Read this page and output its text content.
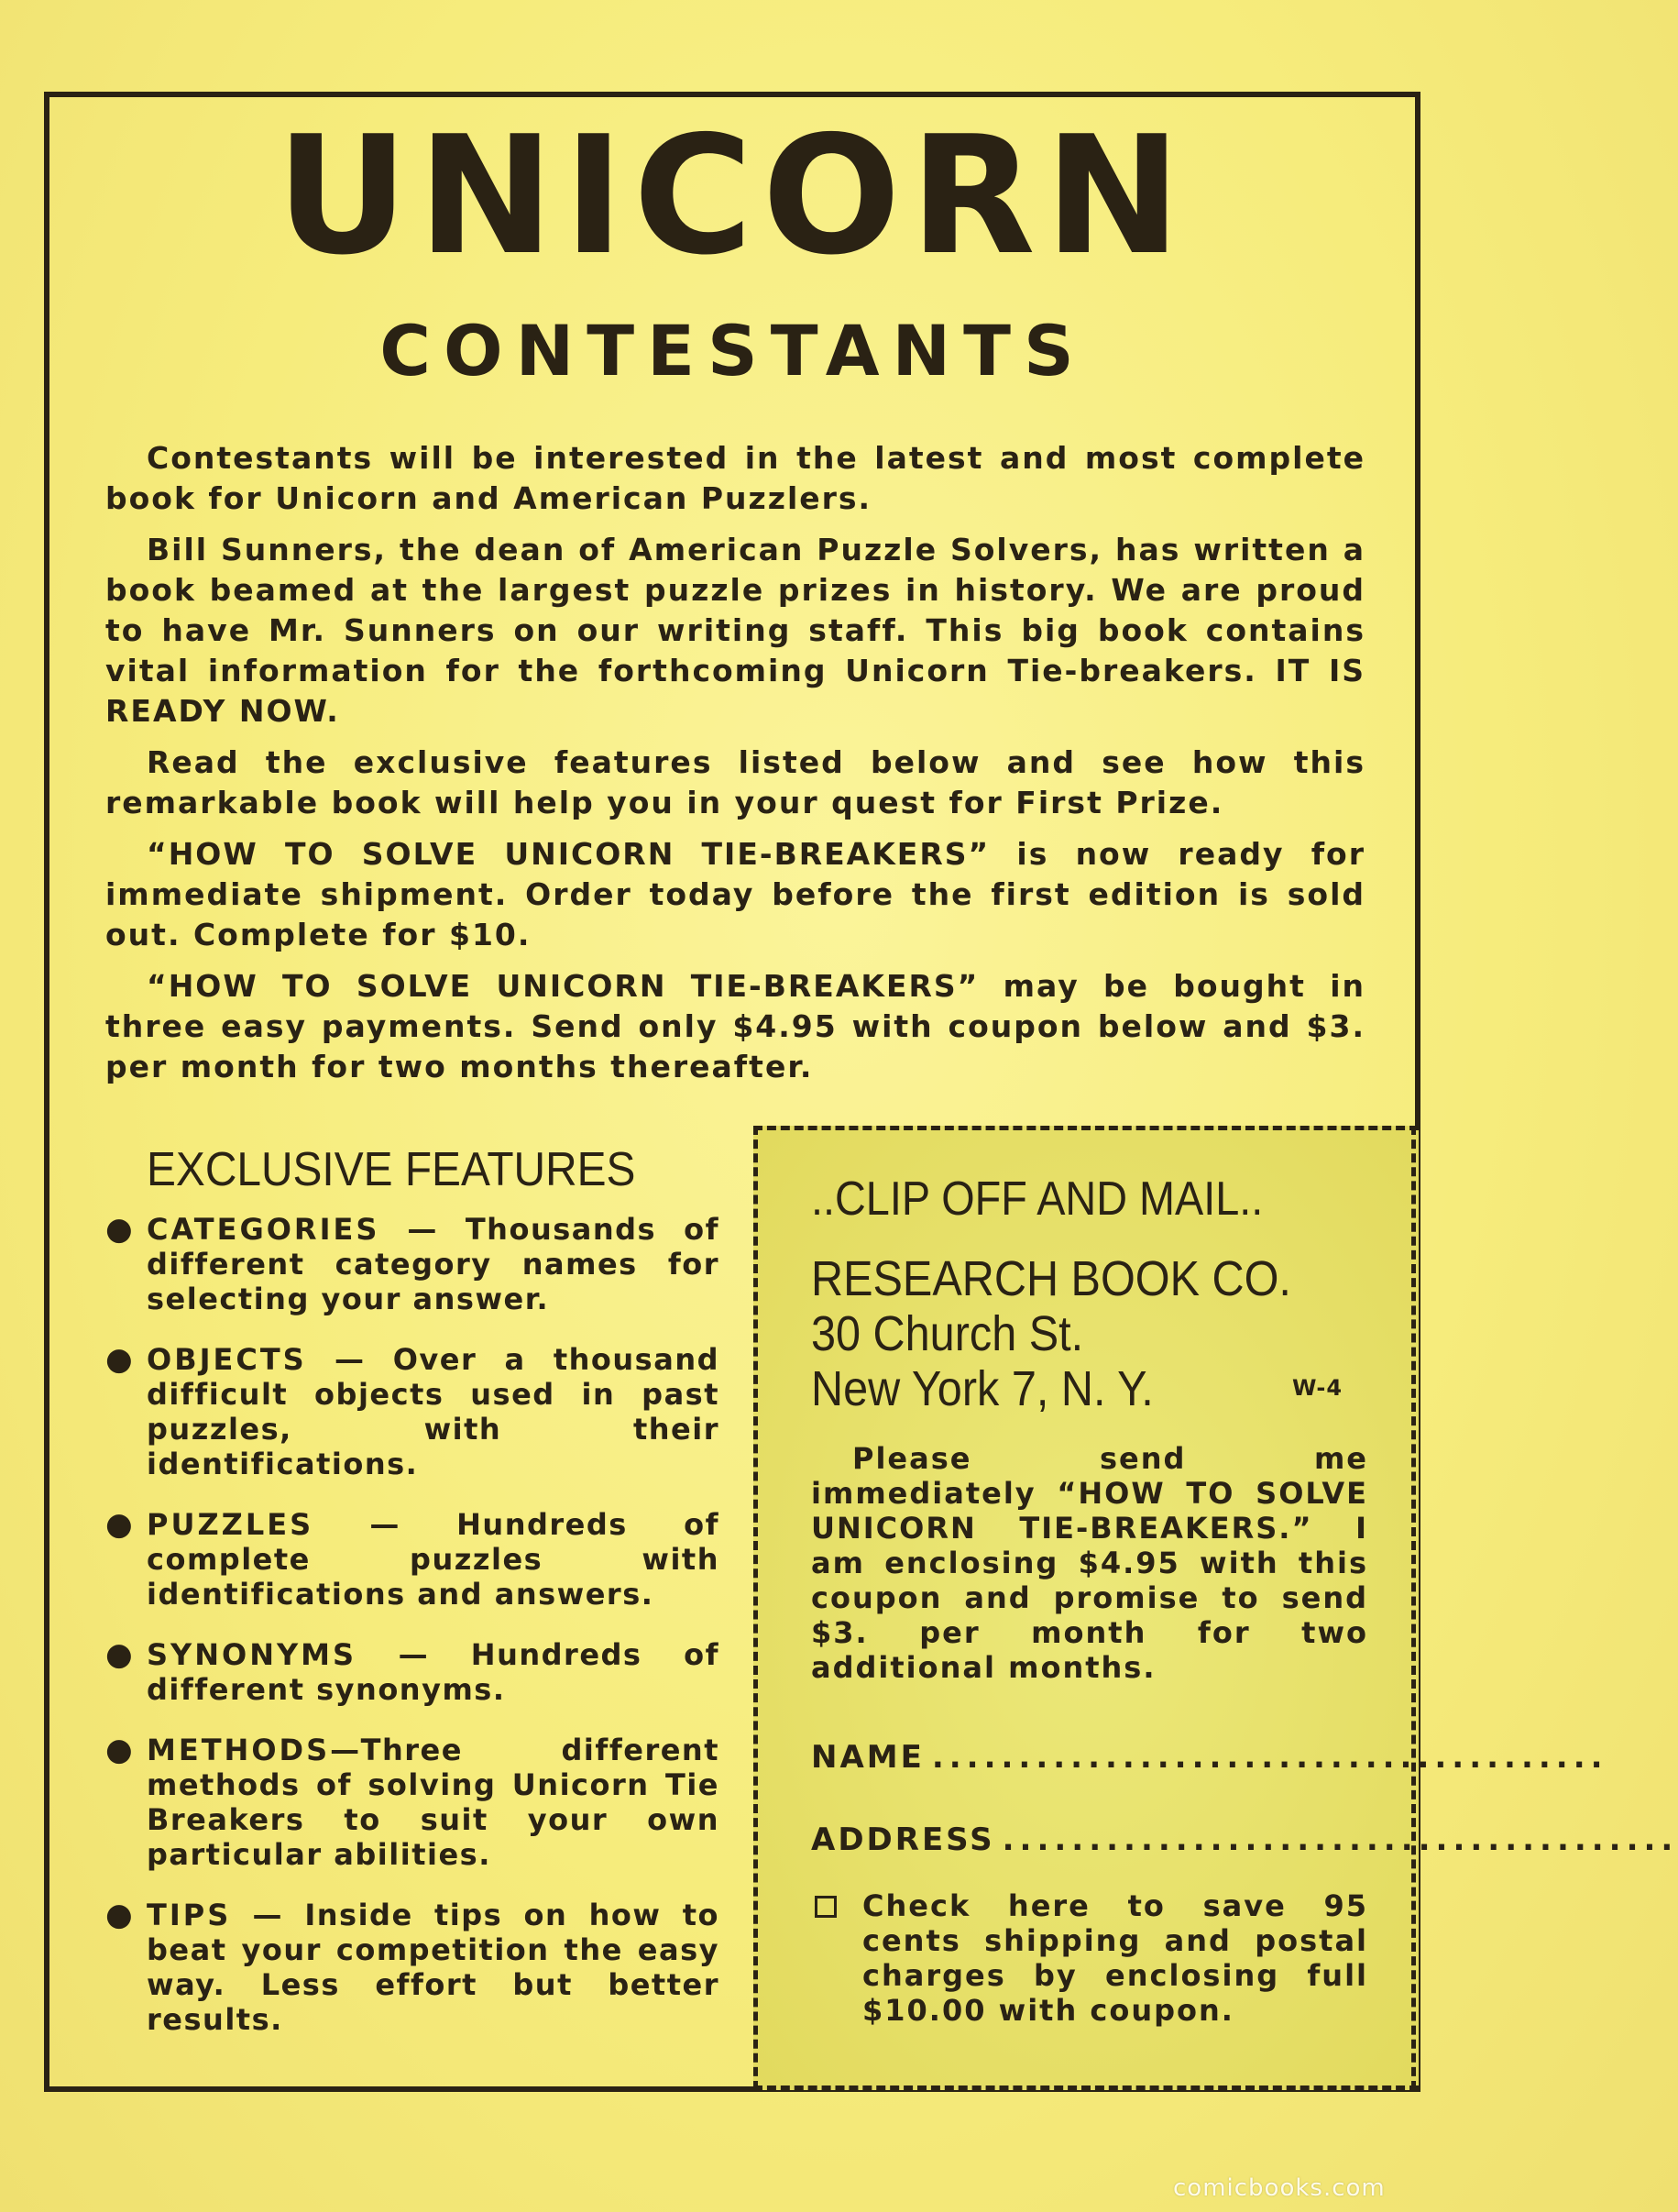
UNICORN
CONTESTANTS

Contestants will be interested in the latest and most complete book for Unicorn and American Puzzlers.

Bill Sunners, the dean of American Puzzle Solvers, has written a book beamed at the largest puzzle prizes in history. We are proud to have Mr. Sunners on our writing staff. This big book contains vital information for the forthcoming Unicorn Tie-breakers. IT IS READY NOW.

Read the exclusive features listed below and see how this remarkable book will help you in your quest for First Prize.

“HOW TO SOLVE UNICORN TIE-BREAKERS” is now ready for immediate shipment. Order today before the first edition is sold out. Complete for $10.

“HOW TO SOLVE UNICORN TIE-BREAKERS” may be bought in three easy payments. Send only $4.95 with coupon below and $3. per month for two months thereafter.

EXCLUSIVE FEATURES
● CATEGORIES — Thousands of different category names for selecting your answer.
● OBJECTS — Over a thousand difficult objects used in past puzzles, with their identifications.
● PUZZLES — Hundreds of complete puzzles with identifications and answers.
● SYNONYMS — Hundreds of different synonyms.
● METHODS—Three different methods of solving Unicorn Tie Breakers to suit your own particular abilities.
● TIPS — Inside tips on how to beat your competition the easy way. Less effort but better results.
..CLIP OFF AND MAIL..
RESEARCH BOOK CO.
30 Church St.
New York 7, N. Y.	W-4

Please send me immediately “HOW TO SOLVE UNICORN TIE-BREAKERS.” I am enclosing $4.95 with this coupon and promise to send $3. per month for two additional months.

NAME .......................................
ADDRESS .......................................
Check here to save 95 cents shipping and postal charges by enclosing full $10.00 with coupon.
comicbooks.com
